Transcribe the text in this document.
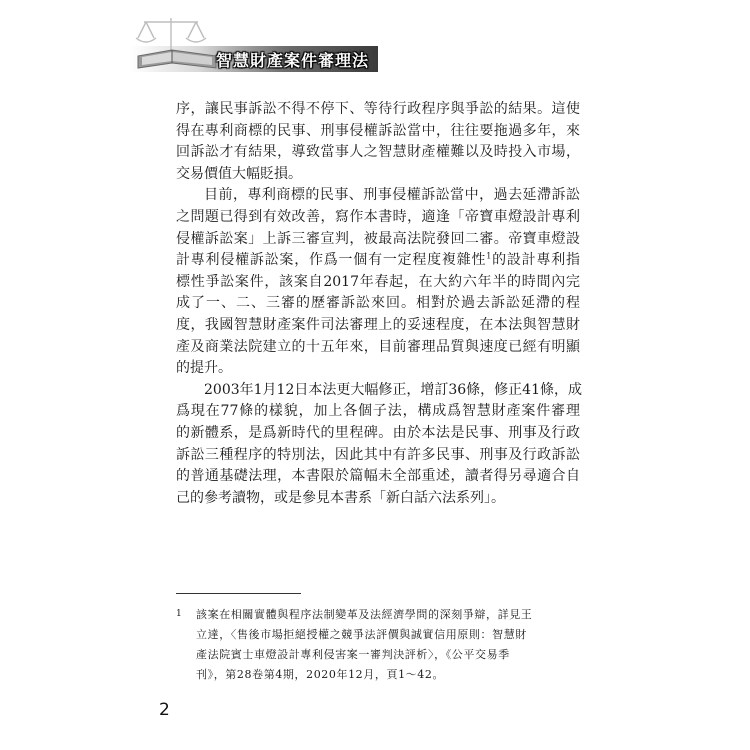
智慧財產案件審理法
序，讓民事訴訟不得不停下、等待行政程序與爭訟的結果。這使
得在專利商標的民事、刑事侵權訴訟當中，往往要拖過多年，來
回訴訟才有結果，導致當事人之智慧財產權難以及時投入市場，
交易價值大幅貶損。
目前，專利商標的民事、刑事侵權訴訟當中，過去延滯訴訟
之問題已得到有效改善，寫作本書時，適逢「帝寶車燈設計專利
侵權訴訟案」上訴三審宣判，被最高法院發回二審。帝寶車燈設
計專利侵權訴訟案，作爲一個有一定程度複雜性$^1$的設計專利指
標性爭訟案件，該案自2017年春起，在大約六年半的時間內完
成了一、二、三審的歷審訴訟來回。相對於過去訴訟延滯的程
度，我國智慧財產案件司法審理上的妥速程度，在本法與智慧財
產及商業法院建立的十五年來，目前審理品質與速度已經有明顯
的提升。
2003年1月12日本法更大幅修正，增訂36條，修正41條，成
爲現在77條的樣貌，加上各個子法，構成爲智慧財產案件審理
的新體系，是爲新時代的里程碑。由於本法是民事、刑事及行政
訴訟三種程序的特別法，因此其中有許多民事、刑事及行政訴訟
的普通基礎法理，本書限於篇幅未全部重述，讀者得另尋適合自
己的參考讀物，或是參見本書系「新白話六法系列」。
1	該案在相關實體與程序法制變革及法經濟學問的深刻爭辯，詳見王
立達，〈售後市場拒絕授權之競爭法評價與誠實信用原則：智慧財
產法院賓士車燈設計專利侵害案一審判決評析〉，《公平交易季
刊》，第28卷第4期，2020年12月，頁1～42。
2
